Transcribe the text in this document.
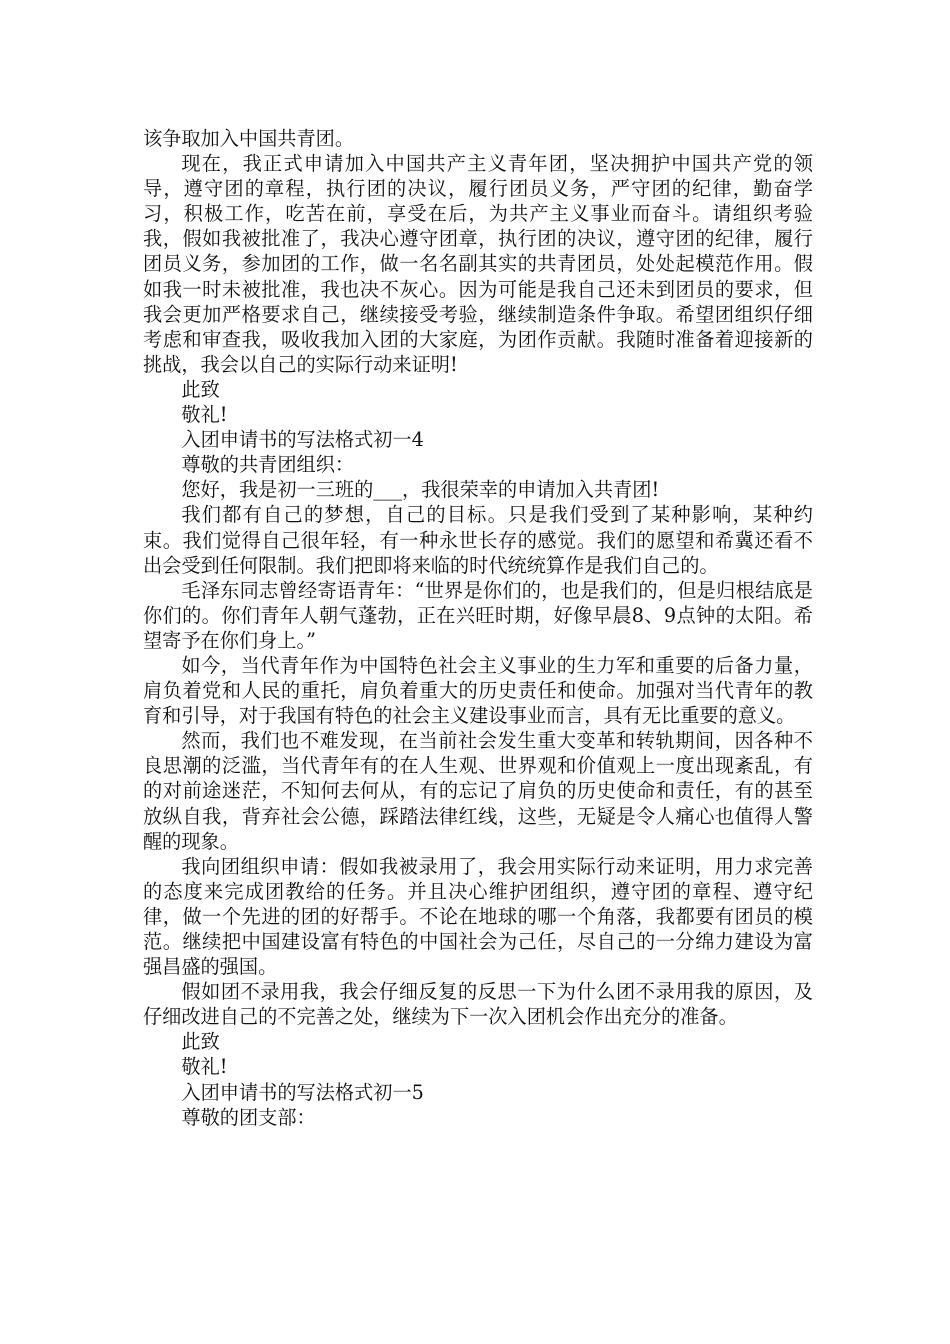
该争取加入中国共青团。

现在，我正式申请加入中国共产主义青年团，坚决拥护中国共产党的领导，遵守团的章程，执行团的决议，履行团员义务，严守团的纪律，勤奋学习，积极工作，吃苦在前，享受在后，为共产主义事业而奋斗。请组织考验我，假如我被批准了，我决心遵守团章，执行团的决议，遵守团的纪律，履行团员义务，参加团的工作，做一名名副其实的共青团员，处处起模范作用。假如我一时未被批准，我也决不灰心。因为可能是我自己还未到团员的要求，但我会更加严格要求自己，继续接受考验，继续制造条件争取。希望团组织仔细考虑和审查我，吸收我加入团的大家庭，为团作贡献。我随时准备着迎接新的挑战，我会以自己的实际行动来证明!

此致

敬礼!

入团申请书的写法格式初一4

尊敬的共青团组织：

您好，我是初一三班的___，我很荣幸的申请加入共青团!

我们都有自己的梦想，自己的目标。只是我们受到了某种影响，某种约束。我们觉得自己很年轻，有一种永世长存的感觉。我们的愿望和希冀还看不出会受到任何限制。我们把即将来临的时代统统算作是我们自己的。

毛泽东同志曾经寄语青年：“世界是你们的，也是我们的，但是归根结底是你们的。你们青年人朝气蓬勃，正在兴旺时期，好像早晨8、9点钟的太阳。希望寄予在你们身上。”

如今，当代青年作为中国特色社会主义事业的生力军和重要的后备力量，肩负着党和人民的重托，肩负着重大的历史责任和使命。加强对当代青年的教育和引导，对于我国有特色的社会主义建设事业而言，具有无比重要的意义。

然而，我们也不难发现，在当前社会发生重大变革和转轨期间，因各种不良思潮的泛滥，当代青年有的在人生观、世界观和价值观上一度出现紊乱，有的对前途迷茫，不知何去何从，有的忘记了肩负的历史使命和责任，有的甚至放纵自我，背弃社会公德，踩踏法律红线，这些，无疑是令人痛心也值得人警醒的现象。

我向团组织申请：假如我被录用了，我会用实际行动来证明，用力求完善的态度来完成团教给的任务。并且决心维护团组织，遵守团的章程、遵守纪律，做一个先进的团的好帮手。不论在地球的哪一个角落，我都要有团员的模范。继续把中国建设富有特色的中国社会为己任，尽自己的一分绵力建设为富强昌盛的强国。

假如团不录用我，我会仔细反复的反思一下为什么团不录用我的原因，及仔细改进自己的不完善之处，继续为下一次入团机会作出充分的准备。

此致

敬礼!

入团申请书的写法格式初一5

尊敬的团支部：
